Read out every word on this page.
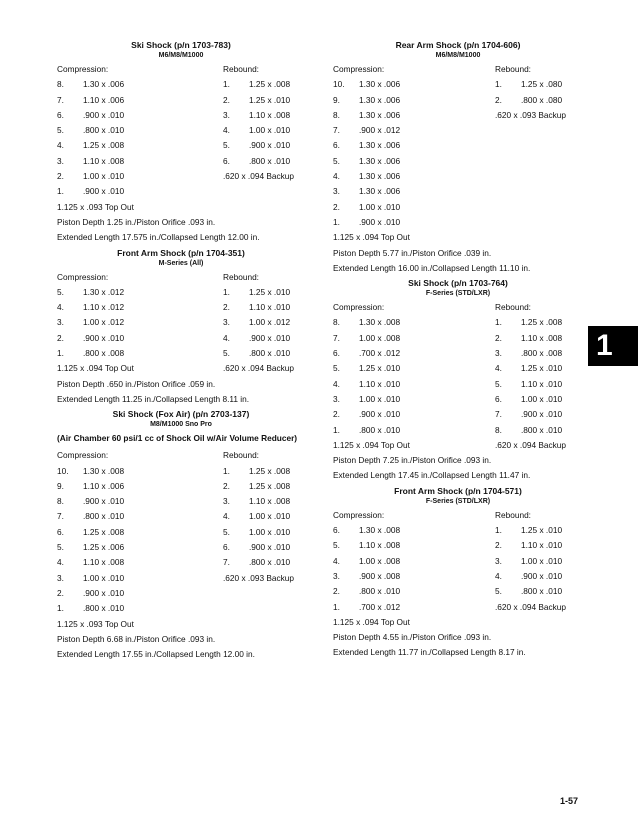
Ski Shock (p/n 1703-783)
M6/M8/M1000
Compression:	Rebound:
8. 1.30 x .006	1. 1.25 x .008
7. 1.10 x .006	2. 1.25 x .010
6. .900 x .010	3. 1.10 x .008
5. .800 x .010	4. 1.00 x .010
4. 1.25 x .008	5. .900 x .010
3. 1.10 x .008	6. .800 x .010
2. 1.00 x .010	.620 x .094 Backup
1. .900 x .010
1.125 x .093 Top Out
Piston Depth 1.25 in./Piston Orifice .093 in.
Extended Length 17.575 in./Collapsed Length 12.00 in.
Front Arm Shock (p/n 1704-351)
M-Series (All)
Compression:	Rebound:
5. 1.30 x .012	1. 1.25 x .010
4. 1.10 x .012	2. 1.10 x .010
3. 1.00 x .012	3. 1.00 x .012
2. .900 x .010	4. .900 x .010
1. .800 x .008	5. .800 x .010
1.125 x .094 Top Out	.620 x .094 Backup
Piston Depth .650 in./Piston Orifice .059 in.
Extended Length 11.25 in./Collapsed Length 8.11 in.
Ski Shock (Fox Air) (p/n 2703-137)
M8/M1000 Sno Pro
(Air Chamber 60 psi/1 cc of Shock Oil w/Air Volume Reducer)
Compression:	Rebound:
10. 1.30 x .008	1. 1.25 x .008
9. 1.10 x .006	2. 1.25 x .008
8. .900 x .010	3. 1.10 x .008
7. .800 x .010	4. 1.00 x .010
6. 1.25 x .008	5. 1.00 x .010
5. 1.25 x .006	6. .900 x .010
4. 1.10 x .008	7. .800 x .010
3. 1.00 x .010	.620 x .093 Backup
2. .900 x .010
1. .800 x .010
1.125 x .093 Top Out
Piston Depth 6.68 in./Piston Orifice .093 in.
Extended Length 17.55 in./Collapsed Length 12.00 in.
Rear Arm Shock (p/n 1704-606)
M6/M8/M1000
Compression:	Rebound:
10. 1.30 x .006	1. 1.25 x .080
9. 1.30 x .006	2. .800 x .080
8. 1.30 x .006	.620 x .093 Backup
7. .900 x .012
6. 1.30 x .006
5. 1.30 x .006
4. 1.30 x .006
3. 1.30 x .006
2. 1.00 x .010
1. .900 x .010
1.125 x .094 Top Out
Piston Depth 5.77 in./Piston Orifice .039 in.
Extended Length 16.00 in./Collapsed Length 11.10 in.
Ski Shock (p/n 1703-764)
F-Series (STD/LXR)
Compression:	Rebound:
8. 1.30 x .008	1. 1.25 x .008
7. 1.00 x .008	2. 1.10 x .008
6. .700 x .012	3. .800 x .008
5. 1.25 x .010	4. 1.25 x .010
4. 1.10 x .010	5. 1.10 x .010
3. 1.00 x .010	6. 1.00 x .010
2. .900 x .010	7. .900 x .010
1. .800 x .010	8. .800 x .010
1.125 x .094 Top Out	.620 x .094 Backup
Piston Depth 7.25 in./Piston Orifice .093 in.
Extended Length 17.45 in./Collapsed Length 11.47 in.
Front Arm Shock (p/n 1704-571)
F-Series (STD/LXR)
Compression:	Rebound:
6. 1.30 x .008	1. 1.25 x .010
5. 1.10 x .008	2. 1.10 x .010
4. 1.00 x .008	3. 1.00 x .010
3. .900 x .008	4. .900 x .010
2. .800 x .010	5. .800 x .010
1. .700 x .012	.620 x .094 Backup
1.125 x .094 Top Out
Piston Depth 4.55 in./Piston Orifice .093 in.
Extended Length 11.77 in./Collapsed Length 8.17 in.
1
1-57
